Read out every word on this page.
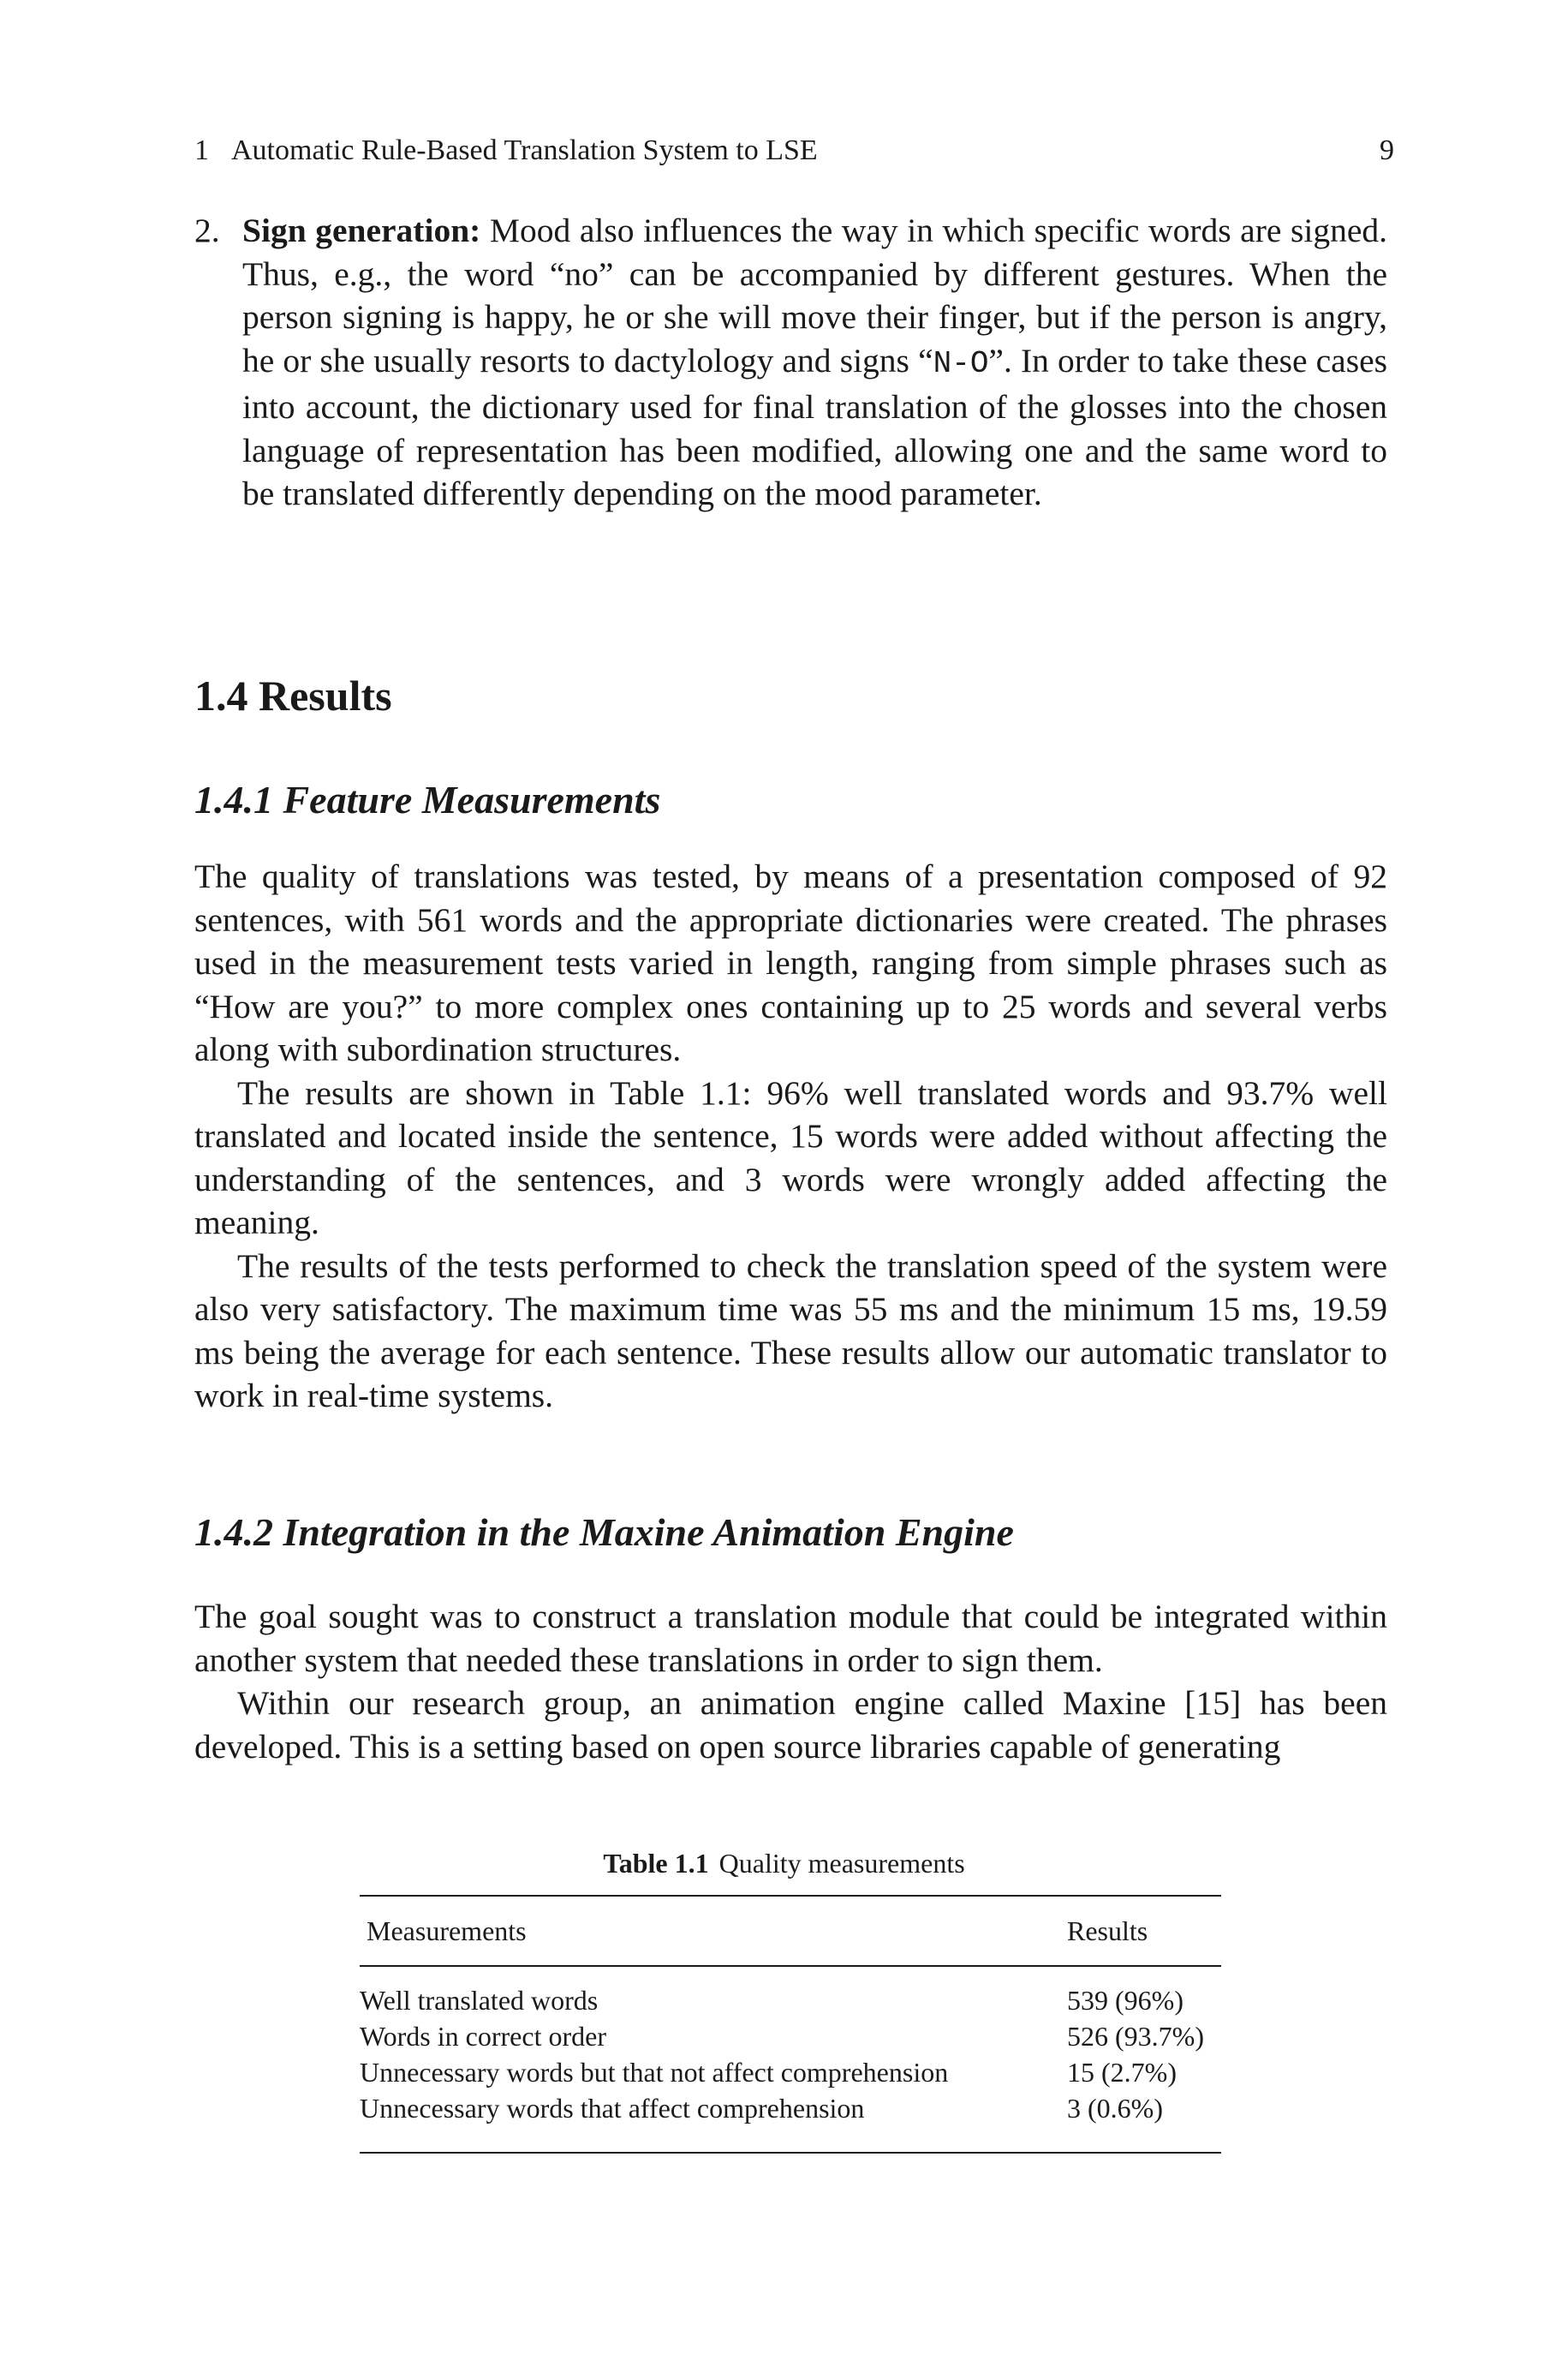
1 Automatic Rule-Based Translation System to LSE	9
2. Sign generation: Mood also influences the way in which specific words are signed. Thus, e.g., the word “no” can be accompanied by different gestures. When the person signing is happy, he or she will move their finger, but if the person is angry, he or she usually resorts to dactylology and signs “N-O”. In order to take these cases into account, the dictionary used for final translation of the glosses into the chosen language of representation has been modified, allowing one and the same word to be translated differently depending on the mood parameter.

1.4 Results
1.4.1 Feature Measurements

The quality of translations was tested, by means of a presentation composed of 92 sentences, with 561 words and the appropriate dictionaries were created. The phrases used in the measurement tests varied in length, ranging from simple phrases such as “How are you?” to more complex ones containing up to 25 words and several verbs along with subordination structures.

The results are shown in Table 1.1: 96% well translated words and 93.7% well translated and located inside the sentence, 15 words were added without affecting the understanding of the sentences, and 3 words were wrongly added affecting the meaning.

The results of the tests performed to check the translation speed of the system were also very satisfactory. The maximum time was 55 ms and the minimum 15 ms, 19.59 ms being the average for each sentence. These results allow our automatic translator to work in real-time systems.

1.4.2 Integration in the Maxine Animation Engine

The goal sought was to construct a translation module that could be integrated within another system that needed these translations in order to sign them.

Within our research group, an animation engine called Maxine [15] has been developed. This is a setting based on open source libraries capable of generating

Table 1.1 Quality measurements
Measurements	Results
Well translated words	539 (96%)
Words in correct order	526 (93.7%)
Unnecessary words but that not affect comprehension	15 (2.7%)
Unnecessary words that affect comprehension	3 (0.6%)
